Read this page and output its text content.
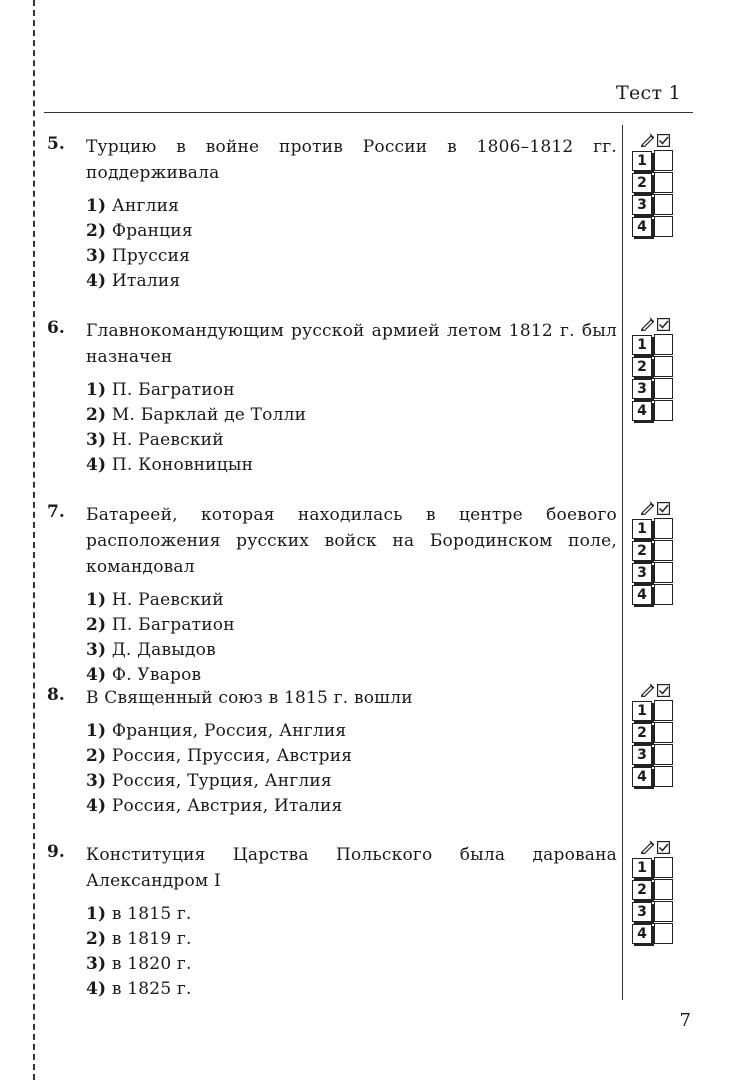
Тест 1
5. Турцию в войне против России в 1806–1812 гг. поддерживала
1) Англия
2) Франция
3) Пруссия
4) Италия
6. Главнокомандующим русской армией летом 1812 г. был назначен
1) П. Багратион
2) М. Барклай де Толли
3) Н. Раевский
4) П. Коновницын
7. Батареей, которая находилась в центре боевого расположения русских войск на Бородинском поле, командовал
1) Н. Раевский
2) П. Багратион
3) Д. Давыдов
4) Ф. Уваров
8. В Священный союз в 1815 г. вошли
1) Франция, Россия, Англия
2) Россия, Пруссия, Австрия
3) Россия, Турция, Англия
4) Россия, Австрия, Италия
9. Конституция Царства Польского была дарована Александром I
1) в 1815 г.
2) в 1819 г.
3) в 1820 г.
4) в 1825 г.
1
2
3
4
1
2
3
4
1
2
3
4
1
2
3
4
1
2
3
4
7
